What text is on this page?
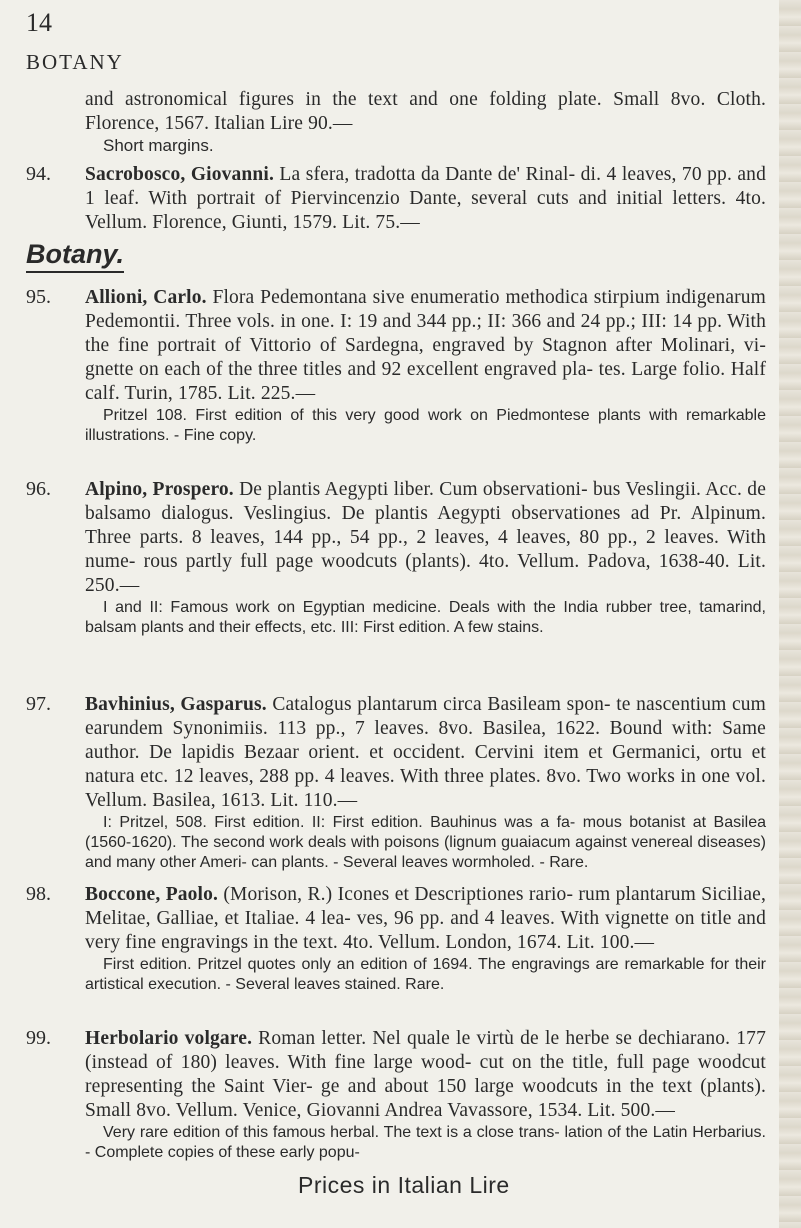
14
BOTANY
and astronomical figures in the text and one folding plate. Small 8vo. Cloth. Florence, 1567. Italian Lire 90.—
Short margins.
94. Sacrobosco, Giovanni. La sfera, tradotta da Dante de' Rinal- di. 4 leaves, 70 pp. and 1 leaf. With portrait of Piervincenzio Dante, several cuts and initial letters. 4to. Vellum. Florence, Giunti, 1579. Lit. 75.—
Botany.
95. Allioni, Carlo. Flora Pedemontana sive enumeratio methodica stirpium indigenarum Pedemontii. Three vols. in one. I: 19 and 344 pp.; II: 366 and 24 pp.; III: 14 pp. With the fine portrait of Vittorio of Sardegna, engraved by Stagnon after Molinari, vi- gnette on each of the three titles and 92 excellent engraved pla- tes. Large folio. Half calf. Turin, 1785. Lit. 225.—
Pritzel 108. First edition of this very good work on Piedmontese plants with remarkable illustrations. - Fine copy.
96. Alpino, Prospero. De plantis Aegypti liber. Cum observationi- bus Veslingii. Acc. de balsamo dialogus. Veslingius. De plantis Aegypti observationes ad Pr. Alpinum. Three parts. 8 leaves, 144 pp., 54 pp., 2 leaves, 4 leaves, 80 pp., 2 leaves. With nume- rous partly full page woodcuts (plants). 4to. Vellum. Padova, 1638-40. Lit. 250.—
I and II: Famous work on Egyptian medicine. Deals with the India rubber tree, tamarind, balsam plants and their effects, etc. III: First edition. A few stains.
97. Bavhinius, Gasparus. Catalogus plantarum circa Basileam spon- te nascentium cum earundem Synonimiis. 113 pp., 7 leaves. 8vo. Basilea, 1622. Bound with: Same author. De lapidis Bezaar orient. et occident. Cervini item et Germanici, ortu et natura etc. 12 leaves, 288 pp. 4 leaves. With three plates. 8vo. Two works in one vol. Vellum. Basilea, 1613. Lit. 110.—
I: Pritzel, 508. First edition. II: First edition. Bauhinus was a fa- mous botanist at Basilea (1560-1620). The second work deals with poisons (lignum guaiacum against venereal diseases) and many other Ameri- can plants. - Several leaves wormholed. - Rare.
98. Boccone, Paolo. (Morison, R.) Icones et Descriptiones rario- rum plantarum Siciliae, Melitae, Galliae, et Italiae. 4 lea- ves, 96 pp. and 4 leaves. With vignette on title and very fine engravings in the text. 4to. Vellum. London, 1674. Lit. 100.—
First edition. Pritzel quotes only an edition of 1694. The engravings are remarkable for their artistical execution. - Several leaves stained. Rare.
99. Herbolario volgare. Roman letter. Nel quale le virtù de le herbe se dechiarano. 177 (instead of 180) leaves. With fine large wood- cut on the title, full page woodcut representing the Saint Vier- ge and about 150 large woodcuts in the text (plants). Small 8vo. Vellum. Venice, Giovanni Andrea Vavassore, 1534. Lit. 500.—
Very rare edition of this famous herbal. The text is a close trans- lation of the Latin Herbarius. - Complete copies of these early popu-
Prices in Italian Lire
